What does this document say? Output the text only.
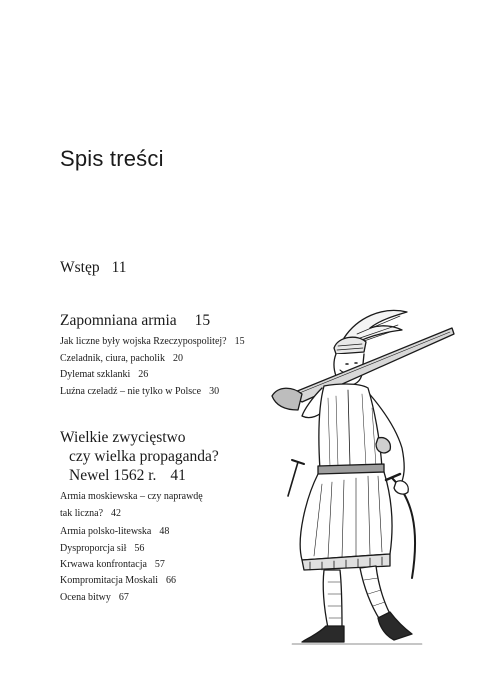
Spis treści
Wstęp 11
Zapomniana armia 15
Jak liczne były wojska Rzeczypospolitej? 15
Czeladnik, ciura, pacholik 20
Dylemat szklanki 26
Luźna czeladź – nie tylko w Polsce 30
Wielkie zwycięstwo
czy wielka propaganda?
Newel 1562 r. 41
Armia moskiewska – czy naprawdę
tak liczna? 42
Armia polsko-litewska 48
Dysproporcja sił 56
Krwawa konfrontacja 57
Kompromitacja Moskali 66
Ocena bitwy 67
